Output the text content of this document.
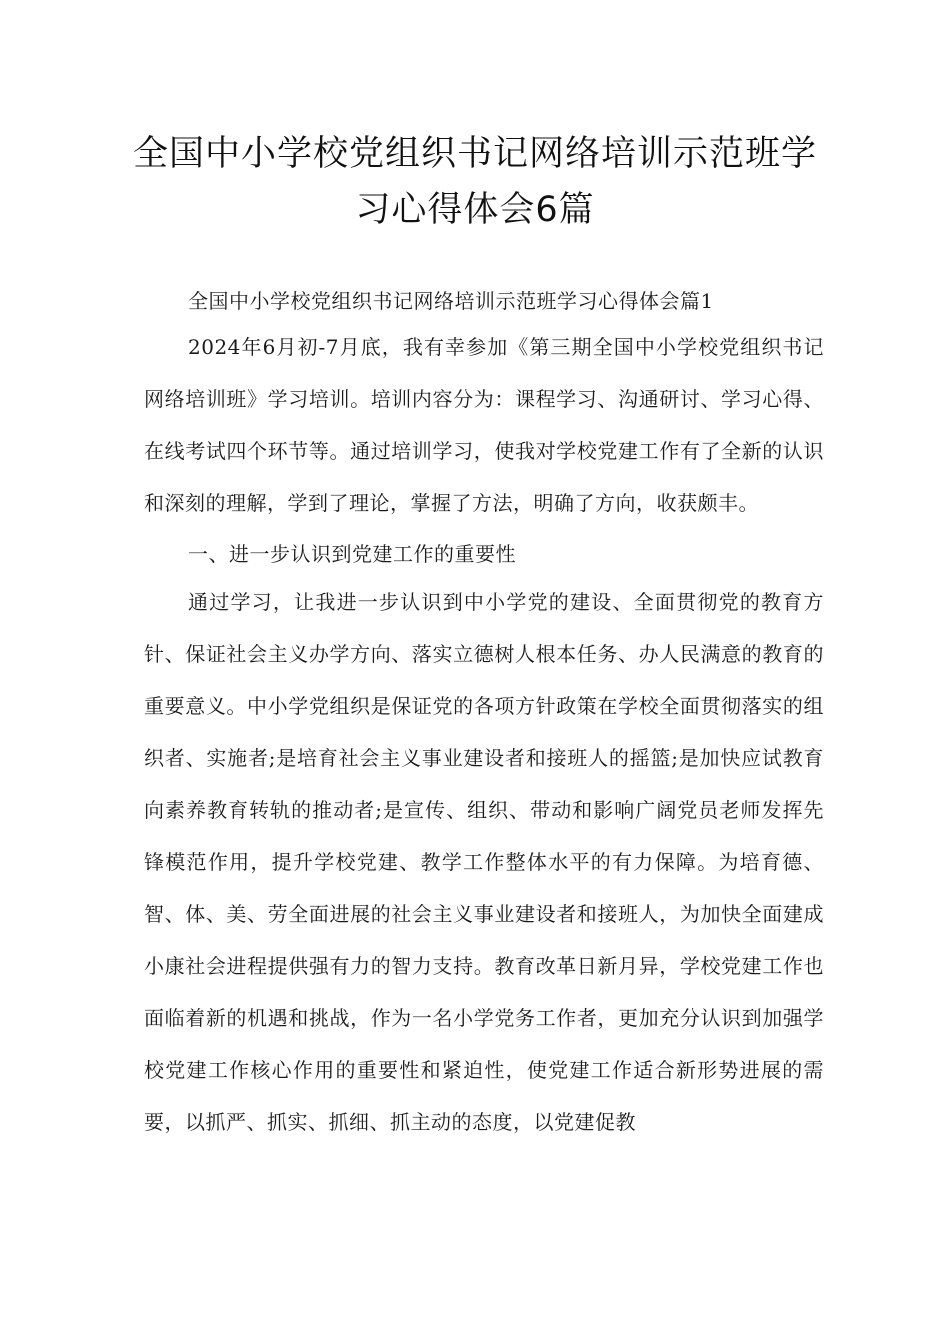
全国中小学校党组织书记网络培训示范班学习心得体会6篇

全国中小学校党组织书记网络培训示范班学习心得体会篇1

2024年6月初-7月底，我有幸参加《第三期全国中小学校党组织书记网络培训班》学习培训。培训内容分为：课程学习、沟通研讨、学习心得、在线考试四个环节等。通过培训学习，使我对学校党建工作有了全新的认识和深刻的理解，学到了理论，掌握了方法，明确了方向，收获颇丰。

一、进一步认识到党建工作的重要性

通过学习，让我进一步认识到中小学党的建设、全面贯彻党的教育方针、保证社会主义办学方向、落实立德树人根本任务、办人民满意的教育的重要意义。中小学党组织是保证党的各项方针政策在学校全面贯彻落实的组织者、实施者;是培育社会主义事业建设者和接班人的摇篮;是加快应试教育向素养教育转轨的推动者;是宣传、组织、带动和影响广阔党员老师发挥先锋模范作用，提升学校党建、教学工作整体水平的有力保障。为培育德、智、体、美、劳全面进展的社会主义事业建设者和接班人，为加快全面建成小康社会进程提供强有力的智力支持。教育改革日新月异，学校党建工作也面临着新的机遇和挑战，作为一名小学党务工作者，更加充分认识到加强学校党建工作核心作用的重要性和紧迫性，使党建工作适合新形势进展的需要，以抓严、抓实、抓细、抓主动的态度，以党建促教
